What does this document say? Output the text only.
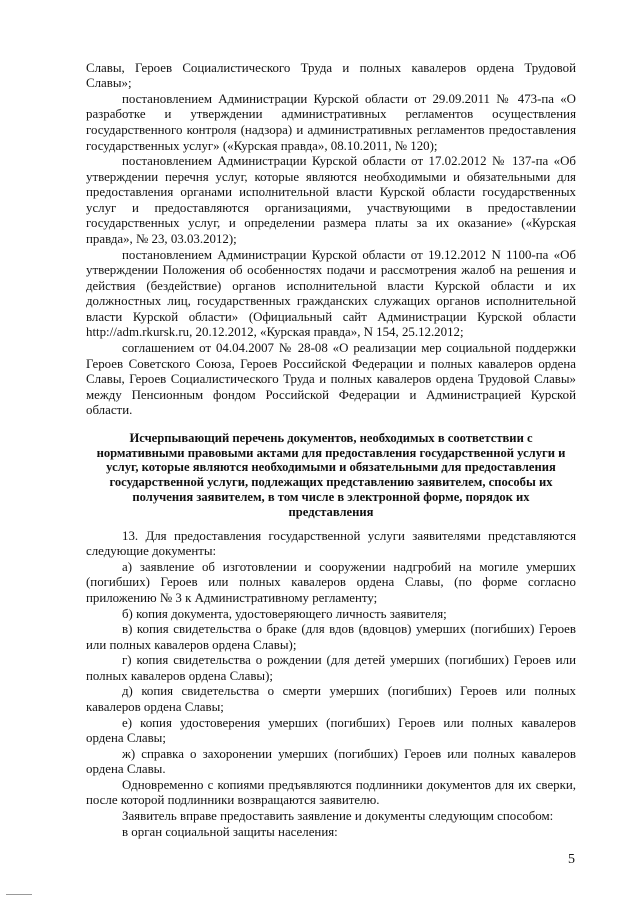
Славы, Героев Социалистического Труда и полных кавалеров ордена Трудовой
Славы»;
постановлением Администрации Курской области от 29.09.2011 № 473-па «О
разработке и утверждении административных регламентов осуществления
государственного контроля (надзора) и административных регламентов предоставления
государственных услуг» («Курская правда», 08.10.2011, № 120);
постановлением Администрации Курской области от 17.02.2012 № 137-па «Об
утверждении перечня услуг, которые являются необходимыми и обязательными для
предоставления органами исполнительной власти Курской области государственных
услуг и предоставляются организациями, участвующими в предоставлении
государственных услуг, и определении размера платы за их оказание» («Курская
правда», № 23, 03.03.2012);
постановлением Администрации Курской области от 19.12.2012 N 1100-па «Об
утверждении Положения об особенностях подачи и рассмотрения жалоб на решения и
действия (бездействие) органов исполнительной власти Курской области и их
должностных лиц, государственных гражданских служащих органов исполнительной
власти Курской области» (Официальный сайт Администрации Курской области
http://adm.rkursk.ru, 20.12.2012, «Курская правда», N 154, 25.12.2012;
соглашением от 04.04.2007 № 28-08 «О реализации мер социальной поддержки
Героев Советского Союза, Героев Российской Федерации и полных кавалеров ордена
Славы, Героев Социалистического Труда и полных кавалеров ордена Трудовой Славы»
между Пенсионным фондом Российской Федерации и Администрацией Курской
области.
Исчерпывающий перечень документов, необходимых в соответствии с
нормативными правовыми актами для предоставления государственной услуги и
услуг, которые являются необходимыми и обязательными для предоставления
государственной услуги, подлежащих представлению заявителем, способы их
получения заявителем, в том числе в электронной форме, порядок их
представления
13. Для предоставления государственной услуги заявителями представляются
следующие документы:
а) заявление об изготовлении и сооружении надгробий на могиле умерших
(погибших) Героев или полных кавалеров ордена Славы, (по форме согласно
приложению № 3 к Административному регламенту;
б) копия документа, удостоверяющего личность заявителя;
в) копия свидетельства о браке (для вдов (вдовцов) умерших (погибших) Героев
или полных кавалеров ордена Славы);
г) копия свидетельства о рождении (для детей умерших (погибших) Героев или
полных кавалеров ордена Славы);
д) копия свидетельства о смерти умерших (погибших) Героев или полных
кавалеров ордена Славы;
е) копия удостоверения умерших (погибших) Героев или полных кавалеров
ордена Славы;
ж) справка о захоронении умерших (погибших) Героев или полных кавалеров
ордена Славы.
5
Одновременно с копиями предъявляются подлинники документов для их сверки,
после которой подлинники возвращаются заявителю.
Заявитель вправе предоставить заявление и документы следующим способом:
в орган социальной защиты населения:
